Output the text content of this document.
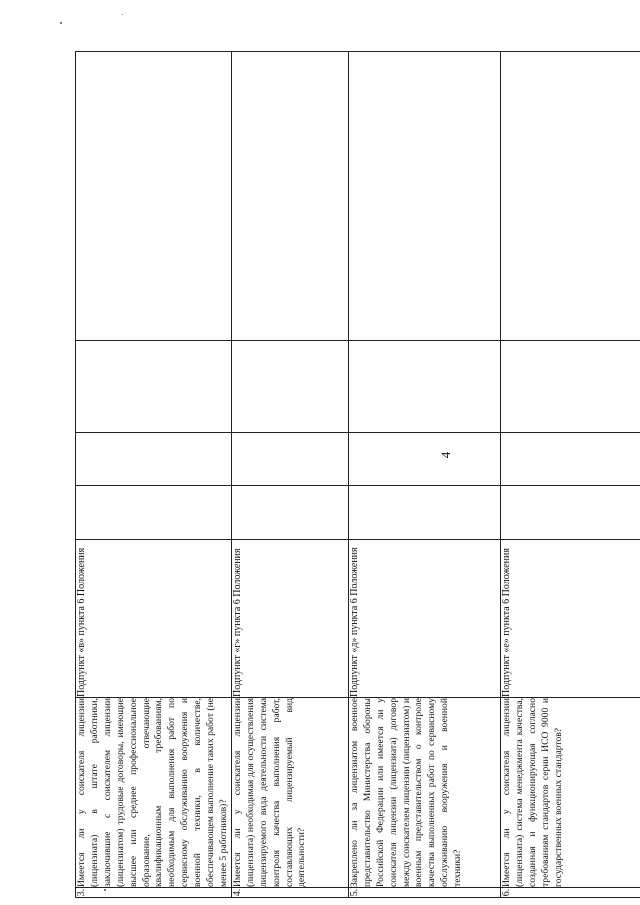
4
3.	Имеется ли у соискателя лицензии (лицензиата) в штате работники, заключившие с соискателем лицензии (лицензиатом) трудовые договоры, имеющие высшее или среднее профессиональное образование, отвечающие квалификационным требованиям, необходимым для выполнения работ по сервисному обслуживанию вооружения и военной техники, в количестве, обеспечивающем выполнение таких работ (не менее 5 работников)?	Подпункт «в» пункта 6 Положения				
4.	Имеется ли у соискателя лицензии (лицензиата) необходимая для осуществления лицензируемого вида деятельности система контроля качества выполнения работ, составляющих лицензируемый вид деятельности?	Подпункт «г» пункта 6 Положения				
5.	Закреплено ли за лицензиатом военное представительство Министерства обороны Российской Федерации или имеется ли у соискателя лицензии (лицензиата) договор между соискателем лицензии (лицензиатом) и военным представительством о контроле качества выполненных работ по сервисному обслуживанию вооружения и военной техники?	Подпункт «д» пункта 6 Положения				
6.	Имеется ли у соискателя лицензии (лицензиата) система менеджмента качества, созданная и функционирующая согласно требованиям стандартов серии ИСО 9000 и государственных военных стандартов?	Подпункт «е» пункта 6 Положения				
